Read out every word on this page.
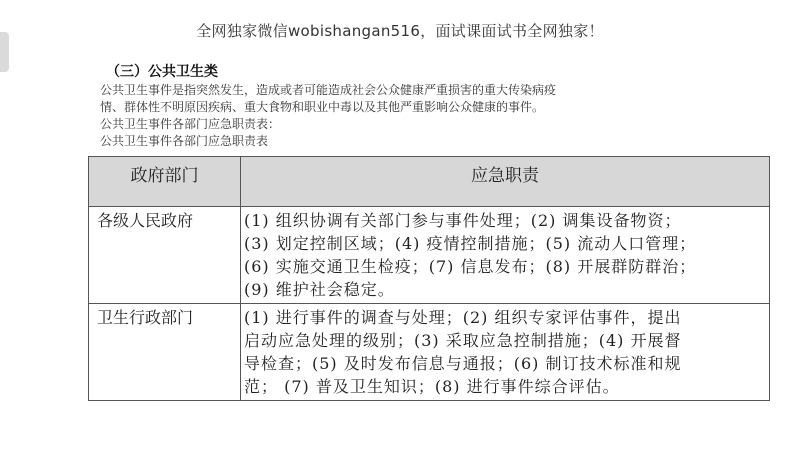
全网独家微信wobishangan516，面试课面试书全网独家！
（三）公共卫生类

公共卫生事件是指突然发生，造成或者可能造成社会公众健康严重损害的重大传染病疫

情、群体性不明原因疾病、重大食物和职业中毒以及其他严重影响公众健康的事件。

公共卫生事件各部门应急职责表：

公共卫生事件各部门应急职责表

政府部门	应急职责
各级人民政府	(1) 组织协调有关部门参与事件处理；(2) 调集设备物资；
(3) 划定控制区域；(4) 疫情控制措施；(5) 流动人口管理；
(6) 实施交通卫生检疫；(7) 信息发布；(8) 开展群防群治；
(9) 维护社会稳定。

卫生行政部门	(1) 进行事件的调查与处理；(2) 组织专家评估事件，提出
启动应急处理的级别；(3) 采取应急控制措施；(4) 开展督
导检查；(5) 及时发布信息与通报；(6) 制订技术标准和规
范； (7) 普及卫生知识；(8) 进行事件综合评估。
